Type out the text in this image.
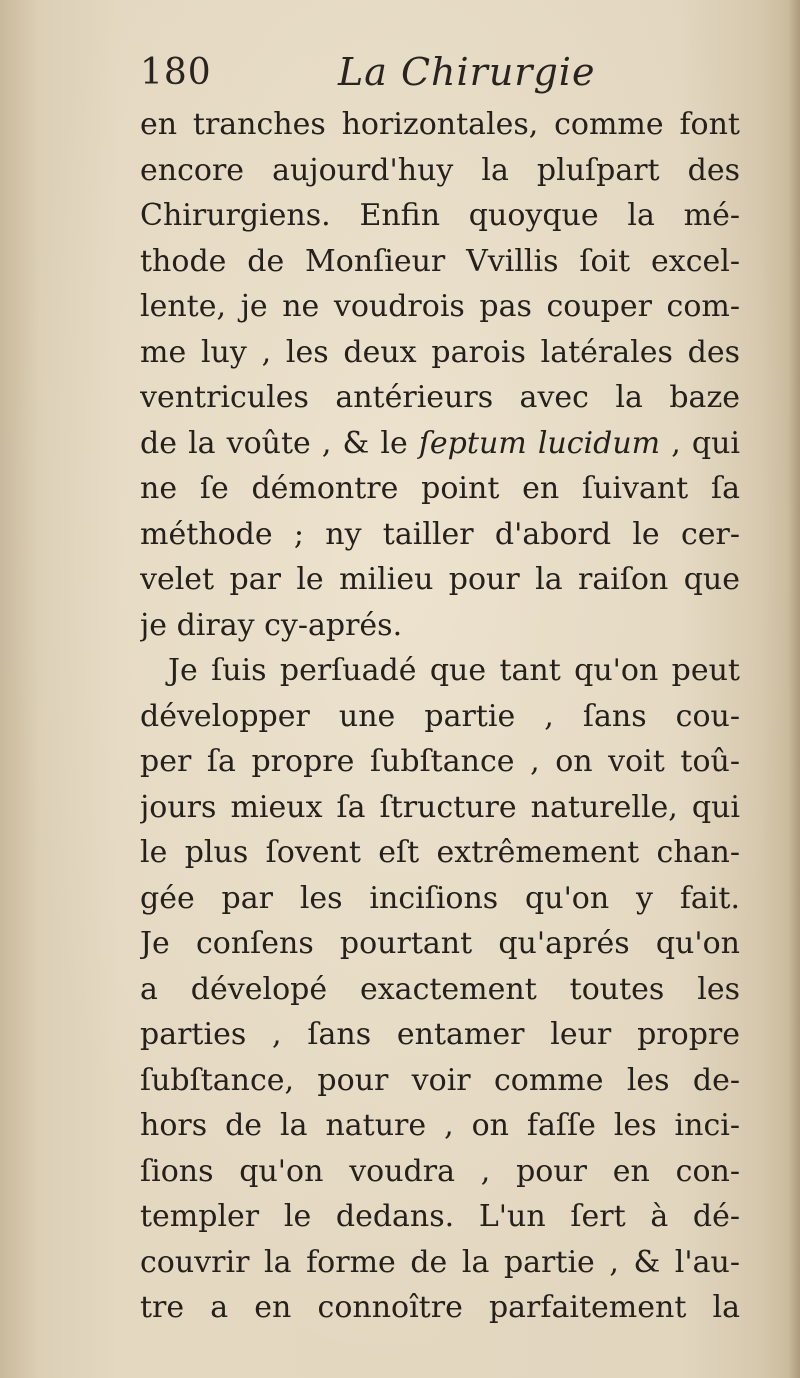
180	La Chirurgie
en tranches horizontales, comme font
encore aujourd'huy la pluſpart des
Chirurgiens. Enfin quoyque la mé-
thode de Monſieur Vvillis ſoit excel-
lente, je ne voudrois pas couper com-
me luy , les deux parois latérales des
ventricules antérieurs avec la baze
de la voûte , & le ſeptum lucidum , qui
ne ſe démontre point en ſuivant ſa
méthode ; ny tailler d'abord le cer-
velet par le milieu pour la raiſon que
je diray cy-aprés.
Je ſuis perſuadé que tant qu'on peut
développer une partie , ſans cou-
per ſa propre ſubſtance , on voit toû-
jours mieux ſa ſtructure naturelle, qui
le plus ſovent eſt extrêmement chan-
gée par les inciſions qu'on y fait.
Je conſens pourtant qu'aprés qu'on
a dévelopé exactement toutes les
parties , ſans entamer leur propre
ſubſtance, pour voir comme les de-
hors de la nature , on faſſe les inci-
ſions qu'on voudra , pour en con-
templer le dedans. L'un ſert à dé-
couvrir la forme de la partie , & l'au-
tre a en connoître parfaitement la
